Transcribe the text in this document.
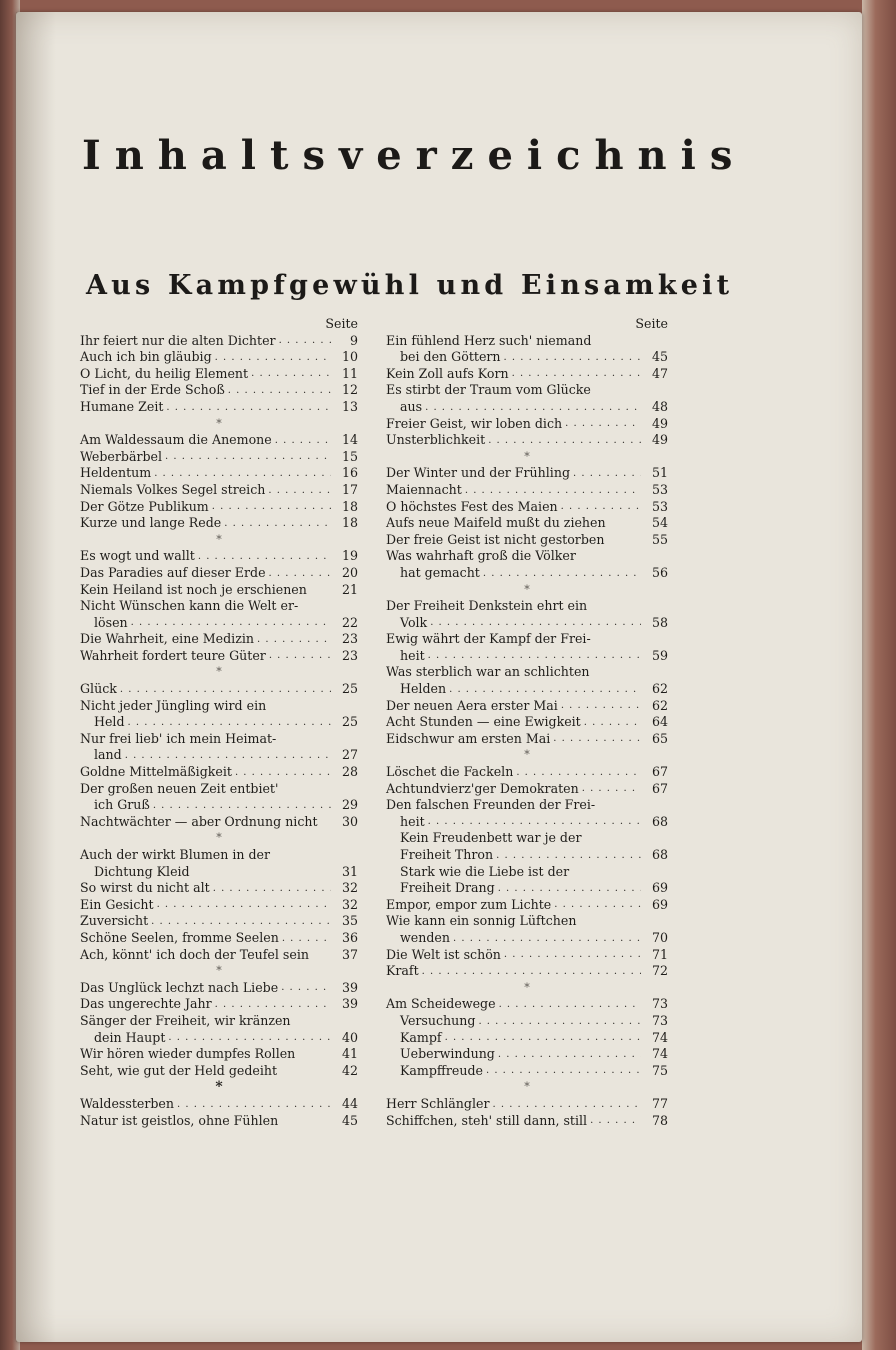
Inhaltsverzeichnis
Aus Kampfgewühl und Einsamkeit
Seite
Ihr feiert nur die alten Dichter . . .	9
Auch ich bin gläubig . . .	10
O Licht, du heilig Element . . .	11
Tief in der Erde Schoß . . .	12
Humane Zeit . . .	13
*
Am Waldessaum die Anemone . . .	14
Weberbärbel . . .	15
Heldentum . . .	16
Niemals Volkes Segel streich . . .	17
Der Götze Publikum . . .	18
Kurze und lange Rede . . .	18
*
Es wogt und wallt . . .	19
Das Paradies auf dieser Erde . . .	20
Kein Heiland ist noch je erschienen	21
Nicht Wünschen kann die Welt er-
lösen . . .	22
Die Wahrheit, eine Medizin . . .	23
Wahrheit fordert teure Güter . . .	23
*
Glück . . .	25
Nicht jeder Jüngling wird ein
Held . . .	25
Nur frei lieb' ich mein Heimat-
land . . .	27
Goldne Mittelmäßigkeit . . .	28
Der großen neuen Zeit entbiet'
ich Gruß . . .	29
Nachtwächter — aber Ordnung nicht	30
*
Auch der wirkt Blumen in der
Dichtung Kleid	31
So wirst du nicht alt . . .	32
Ein Gesicht . . .	32
Zuversicht . . .	35
Schöne Seelen, fromme Seelen . . .	36
Ach, könnt' ich doch der Teufel sein	37
*
Das Unglück lechzt nach Liebe . . .	39
Das ungerechte Jahr . . .	39
Sänger der Freiheit, wir kränzen
dein Haupt . . .	40
Wir hören wieder dumpfes Rollen	41
Seht, wie gut der Held gedeiht	42
*
Waldessterben . . .	44
Natur ist geistlos, ohne Fühlen	45
Seite
Ein fühlend Herz such' niemand
bei den Göttern . . .	45
Kein Zoll aufs Korn . . .	47
Es stirbt der Traum vom Glücke
aus . . .	48
Freier Geist, wir loben dich . . .	49
Unsterblichkeit . . .	49
*
Der Winter und der Frühling . . .	51
Maiennacht . . .	53
O höchstes Fest des Maien . . .	53
Aufs neue Maifeld mußt du ziehen	54
Der freie Geist ist nicht gestorben	55
Was wahrhaft groß die Völker
hat gemacht . . .	56
*
Der Freiheit Denkstein ehrt ein
Volk . . .	58
Ewig währt der Kampf der Frei-
heit . . .	59
Was sterblich war an schlichten
Helden . . .	62
Der neuen Aera erster Mai . . .	62
Acht Stunden — eine Ewigkeit . . .	64
Eidschwur am ersten Mai . . .	65
*
Löschet die Fackeln . . .	67
Achtundvierz'ger Demokraten . . .	67
Den falschen Freunden der Frei-
heit . . .	68
Kein Freudenbett war je der
Freiheit Thron . . .	68
Stark wie die Liebe ist der
Freiheit Drang . . .	69
Empor, empor zum Lichte . . .	69
Wie kann ein sonnig Lüftchen
wenden . . .	70
Die Welt ist schön . . .	71
Kraft . . .	72
*
Am Scheidewege . . .	73
Versuchung . . .	73
Kampf . . .	74
Ueberwindung . . .	74
Kampffreude . . .	75
*
Herr Schlängler . . .	77
Schiffchen, steh' still dann, still . . .	78
